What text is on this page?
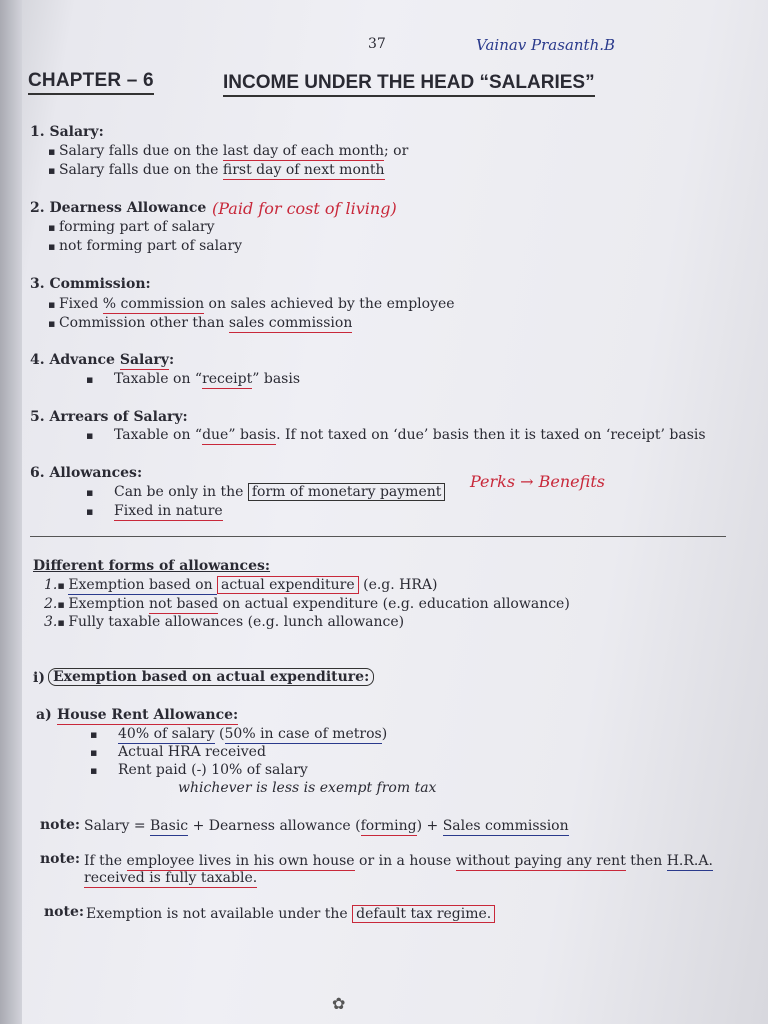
37	Vainav Prasanth.B
CHAPTER – 6	INCOME UNDER THE HEAD “SALARIES”
1. Salary:
▪ Salary falls due on the last day of each month; or
▪ Salary falls due on the first day of next month
2. Dearness Allowance (Paid for cost of living)
▪ forming part of salary
▪ not forming part of salary
3. Commission:
▪ Fixed % commission on sales achieved by the employee
▪ Commission other than sales commission
4. Advance Salary:
▪ Taxable on “receipt” basis
5. Arrears of Salary:
▪ Taxable on “due” basis. If not taxed on ‘due’ basis then it is taxed on ‘receipt’ basis
6. Allowances:
▪ Can be only in the form of monetary payment
Perks → Benefits
▪ Fixed in nature
Different forms of allowances:
1. ▪ Exemption based on actual expenditure (e.g. HRA)
2. ▪ Exemption not based on actual expenditure (e.g. education allowance)
3. ▪ Fully taxable allowances (e.g. lunch allowance)
i) Exemption based on actual expenditure:
a) House Rent Allowance:
▪ 40% of salary (50% in case of metros)
▪ Actual HRA received
▪ Rent paid (-) 10% of salary
whichever is less is exempt from tax
note: Salary = Basic + Dearness allowance (forming) + Sales commission
note: If the employee lives in his own house or in a house without paying any rent then H.R.A.
received is fully taxable.
note: Exemption is not available under the default tax regime.
✿
